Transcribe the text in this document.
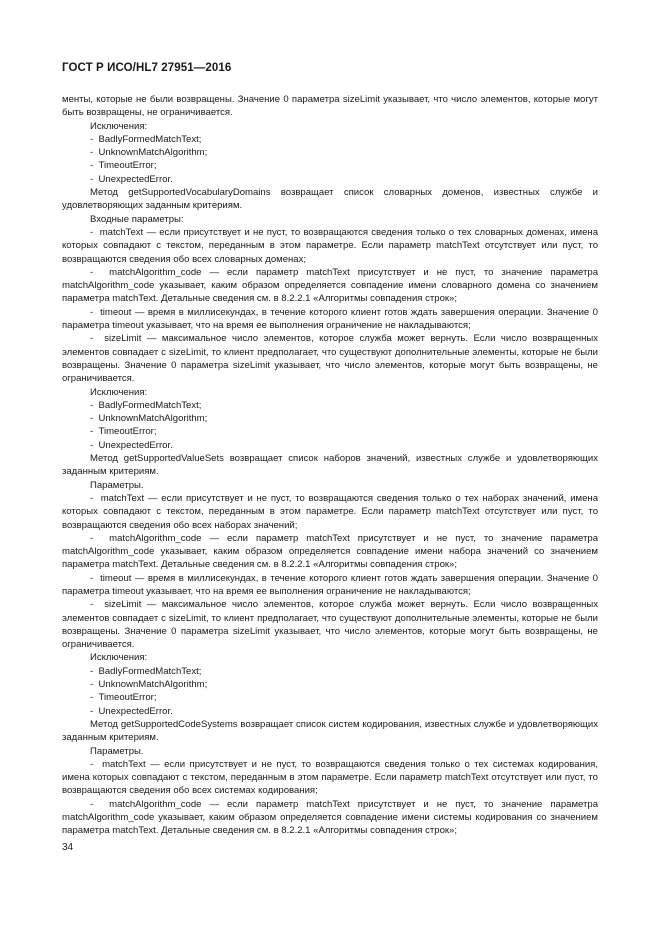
ГОСТ Р ИСО/HL7 27951—2016

менты, которые не были возвращены. Значение 0 параметра sizeLimit указывает, что число элементов, которые могут быть возвращены, не ограничивается.

Исключения:

-  BadlyFormedMatchText;

-  UnknownMatchAlgorithm;

-  TimeoutError;

-  UnexpectedError.

Метод getSupportedVocabularyDomains возвращает список словарных доменов, известных службе и удовлетворяющих заданным критериям.

Входные параметры:

-  matchText — если присутствует и не пуст, то возвращаются сведения только о тех словарных доменах, имена которых совпадают с текстом, переданным в этом параметре. Если параметр matchText отсутствует или пуст, то возвращаются сведения обо всех словарных доменах;

-  matchAlgorithm_code — если параметр matchText присутствует и не пуст, то значение параметра matchAlgorithm_code указывает, каким образом определяется совпадение имени словарного домена со значением параметра matchText. Детальные сведения см. в 8.2.2.1 «Алгоритмы совпадения строк»;

-  timeout — время в миллисекундах, в течение которого клиент готов ждать завершения операции. Значение 0 параметра timeout указывает, что на время ее выполнения ограничение не накладываются;

-  sizeLimit — максимальное число элементов, которое служба может вернуть. Если число возвращенных элементов совпадает с sizeLimit, то клиент предполагает, что существуют дополнительные элементы, которые не были возвращены. Значение 0 параметра sizeLimit указывает, что число элементов, которые могут быть возвращены, не ограничивается.

Исключения:

-  BadlyFormedMatchText;

-  UnknownMatchAlgorithm;

-  TimeoutError;

-  UnexpectedError.

Метод getSupportedValueSets возвращает список наборов значений, известных службе и удовлетворяющих заданным критериям.

Параметры.

-  matchText — если присутствует и не пуст, то возвращаются сведения только о тех наборах значений, имена которых совпадают с текстом, переданным в этом параметре. Если параметр matchText отсутствует или пуст, то возвращаются сведения обо всех наборах значений;

-  matchAlgorithm_code — если параметр matchText присутствует и не пуст, то значение параметра matchAlgorithm_code указывает, каким образом определяется совпадение имени набора значений со значением параметра matchText. Детальные сведения см. в 8.2.2.1 «Алгоритмы совпадения строк»;

-  timeout — время в миллисекундах, в течение которого клиент готов ждать завершения операции. Значение 0 параметра timeout указывает, что на время ее выполнения ограничение не накладываются;

-  sizeLimit — максимальное число элементов, которое служба может вернуть. Если число возвращенных элементов совпадает с sizeLimit, то клиент предполагает, что существуют дополнительные элементы, которые не были возвращены. Значение 0 параметра sizeLimit указывает, что число элементов, которые могут быть возвращены, не ограничивается.

Исключения:

-  BadlyFormedMatchText;

-  UnknownMatchAlgorithm;

-  TimeoutError;

-  UnexpectedError.

Метод getSupportedCodeSystems возвращает список систем кодирования, известных службе и удовлетворяющих заданным критериям.

Параметры.

-  matchText — если присутствует и не пуст, то возвращаются сведения только о тех системах кодирования, имена которых совпадают с текстом, переданным в этом параметре. Если параметр matchText отсутствует или пуст, то возвращаются сведения обо всех системах кодирования;

-  matchAlgorithm_code — если параметр matchText присутствует и не пуст, то значение параметра matchAlgorithm_code указывает, каким образом определяется совпадение имени системы кодирования со значением параметра matchText. Детальные сведения см. в 8.2.2.1 «Алгоритмы совпадения строк»;

34
